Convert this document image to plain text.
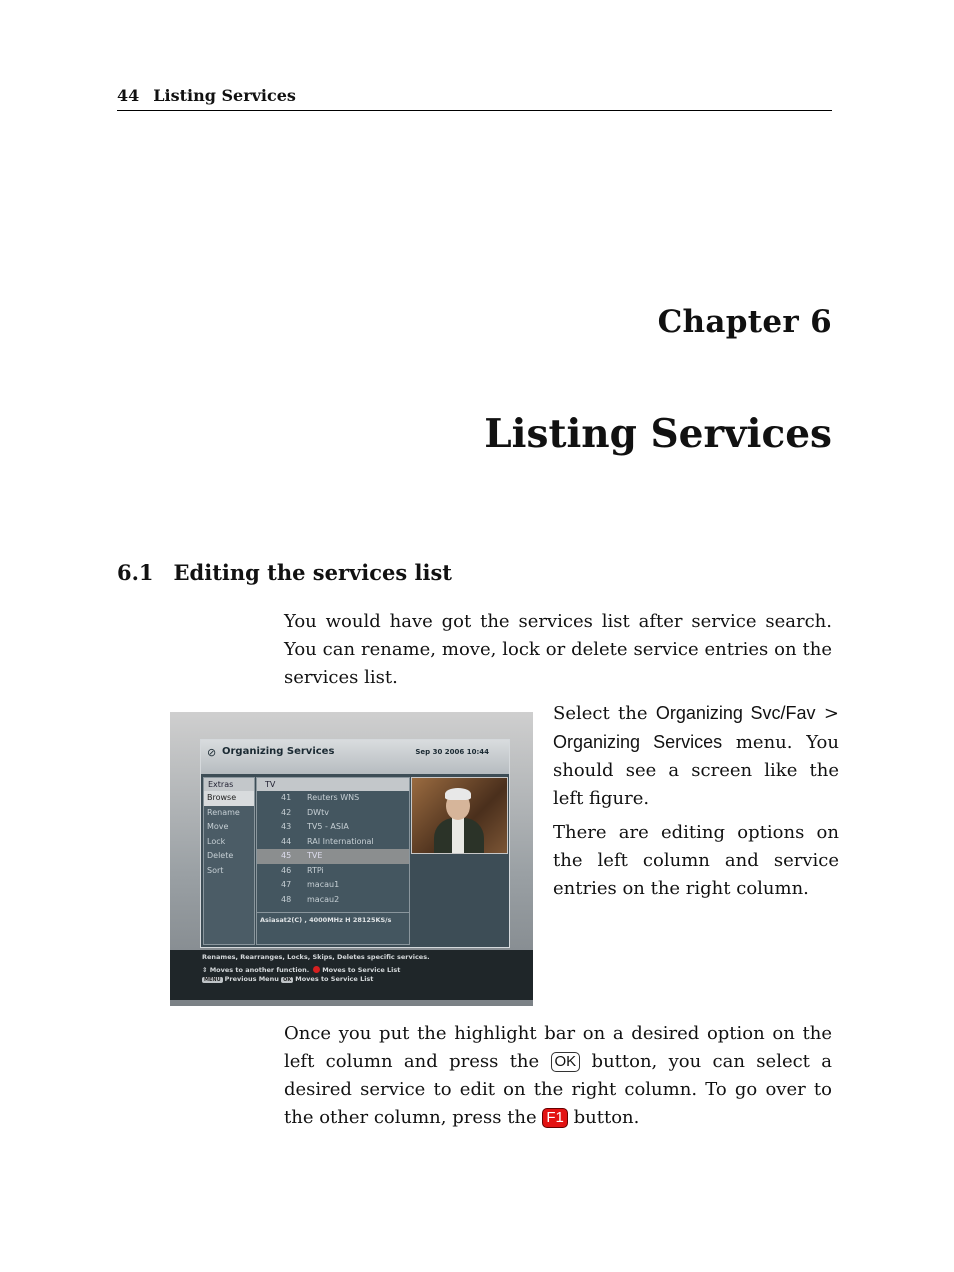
44 Listing Services
Chapter 6
Listing Services
6.1 Editing the services list
You would have got the services list after service search. You can rename, move, lock or delete service entries on the services list.
Select the Organizing Svc/Fav > Organizing Services menu. You should see a screen like the left figure.
There are editing options on the left column and service entries on the right column.
⊘ Organizing Services	Sep 30 2006 10:44
Extras
Browse
Rename
Move
Lock
Delete
Sort
TV
41 Reuters WNS
42 DWtv
43 TV5 - ASIA
44 RAI International
45 TVE
46 RTPi
47 macau1
48 macau2
Asiasat2(C) , 4000MHz H 28125KS/s
Renames, Rearranges, Locks, Skips, Deletes specific services.
⇕ Moves to another function. Moves to Service List
MENU Previous Menu OK Moves to Service List
Once you put the highlight bar on a desired option on the left column and press the OK button, you can select a desired service to edit on the right column. To go over to the other column, press the F1 button.
